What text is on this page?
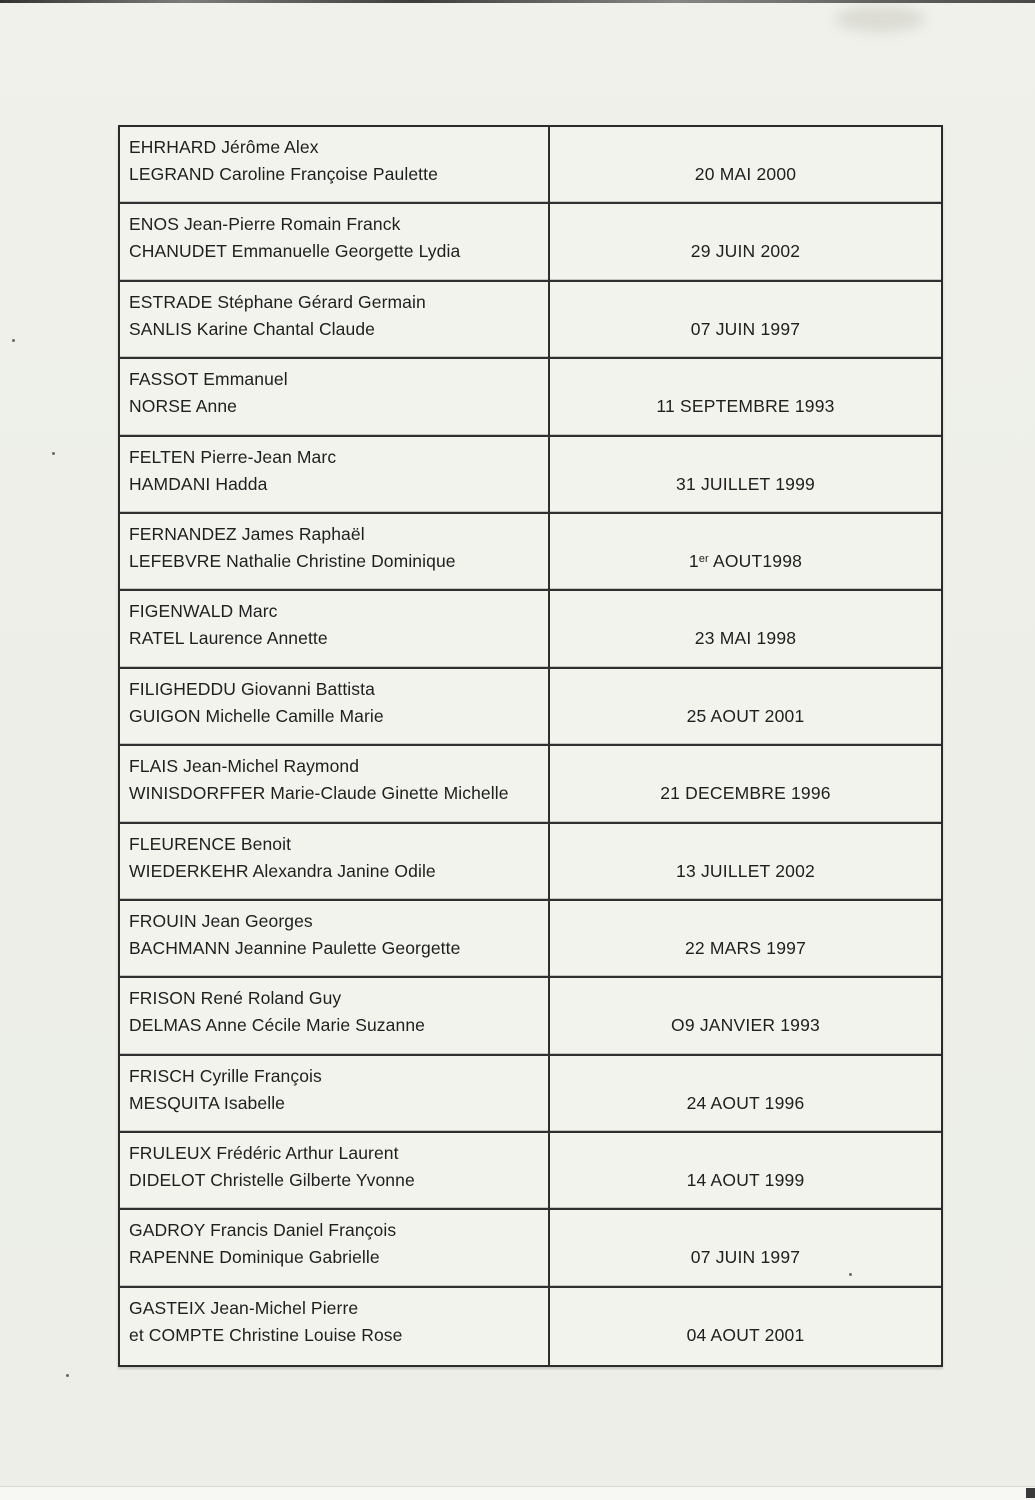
EHRHARD Jérôme Alex
LEGRAND Caroline Françoise Paulette	20 MAI 2000
ENOS Jean-Pierre Romain Franck
CHANUDET Emmanuelle Georgette Lydia	29 JUIN 2002
ESTRADE Stéphane Gérard Germain
SANLIS Karine Chantal Claude	07 JUIN 1997
FASSOT Emmanuel
NORSE Anne	11 SEPTEMBRE 1993
FELTEN Pierre-Jean Marc
HAMDANI Hadda	31 JUILLET 1999
FERNANDEZ James Raphaël
LEFEBVRE Nathalie Christine Dominique	1er AOUT1998
FIGENWALD Marc
RATEL Laurence Annette	23 MAI 1998
FILIGHEDDU Giovanni Battista
GUIGON Michelle Camille Marie	25 AOUT 2001
FLAIS Jean-Michel Raymond
WINISDORFFER Marie-Claude Ginette Michelle	21 DECEMBRE 1996
FLEURENCE Benoit
WIEDERKEHR Alexandra Janine Odile	13 JUILLET 2002
FROUIN Jean Georges
BACHMANN Jeannine Paulette Georgette	22 MARS 1997
FRISON René Roland Guy
DELMAS Anne Cécile Marie Suzanne	O9 JANVIER 1993
FRISCH Cyrille François
MESQUITA Isabelle	24 AOUT 1996
FRULEUX Frédéric Arthur Laurent
DIDELOT Christelle Gilberte Yvonne	14 AOUT 1999
GADROY Francis Daniel François
RAPENNE Dominique Gabrielle	07 JUIN 1997
GASTEIX Jean-Michel Pierre
et COMPTE Christine Louise Rose	04 AOUT 2001
